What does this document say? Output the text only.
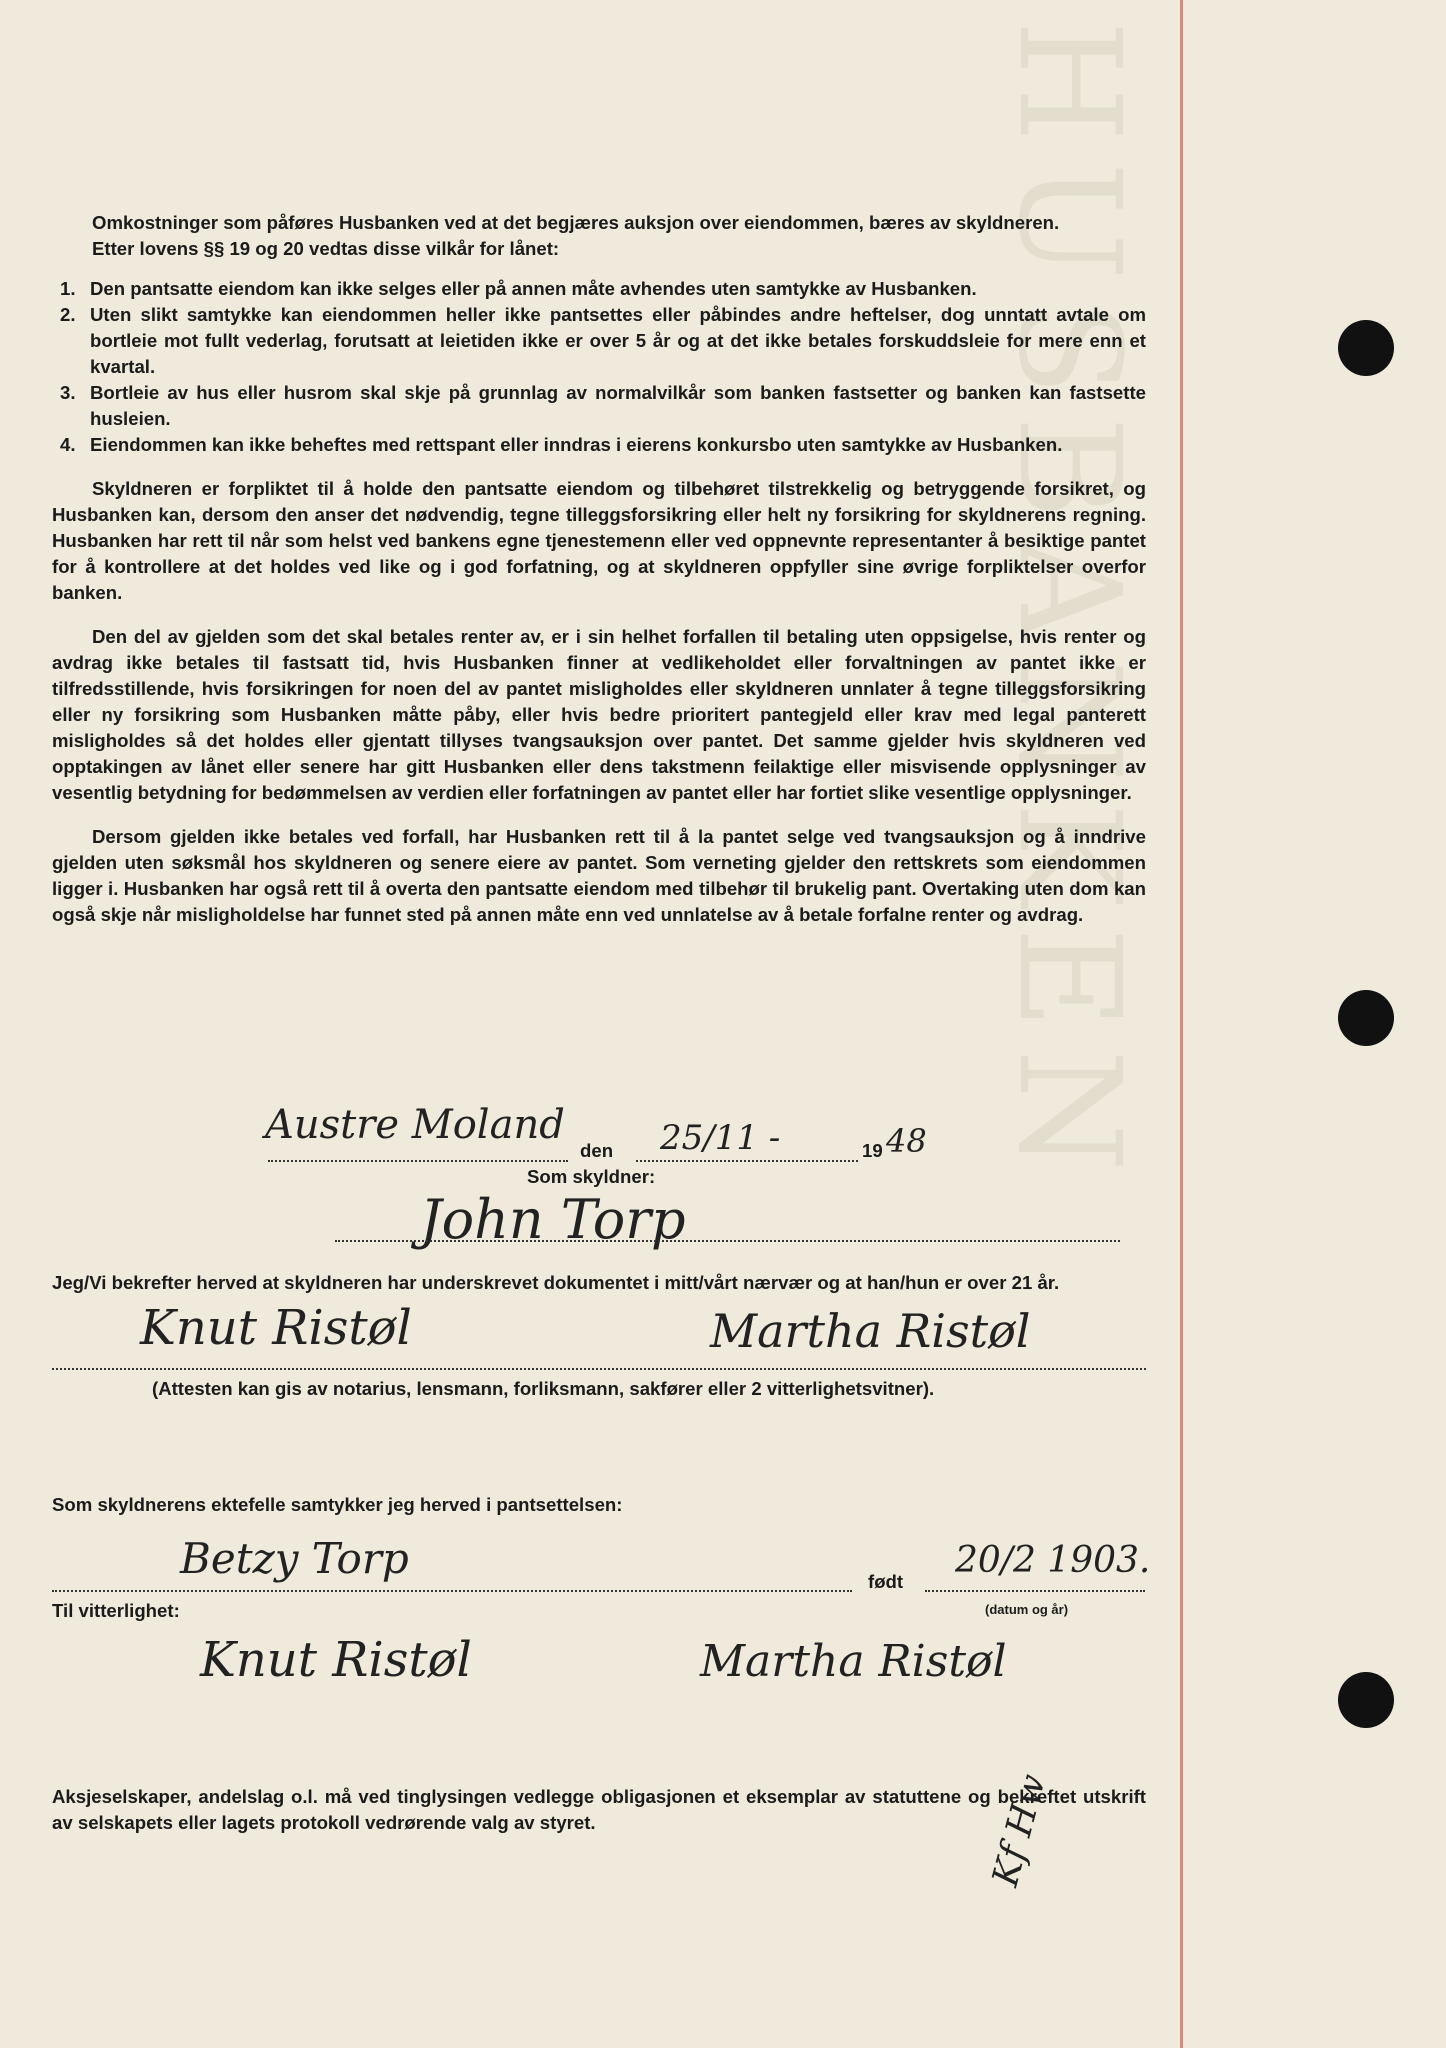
HUSBANKEN

Omkostninger som påføres Husbanken ved at det begjæres auksjon over eiendommen, bæres av skyldneren.

Etter lovens §§ 19 og 20 vedtas disse vilkår for lånet:

1. Den pantsatte eiendom kan ikke selges eller på annen måte avhendes uten samtykke av Husbanken.
2. Uten slikt samtykke kan eiendommen heller ikke pantsettes eller påbindes andre heftelser, dog unntatt avtale om bortleie mot fullt vederlag, forutsatt at leietiden ikke er over 5 år og at det ikke betales forskuddsleie for mere enn et kvartal.
3. Bortleie av hus eller husrom skal skje på grunnlag av normalvilkår som banken fastsetter og banken kan fastsette husleien.
4. Eiendommen kan ikke beheftes med rettspant eller inndras i eierens konkursbo uten samtykke av Husbanken.

Skyldneren er forpliktet til å holde den pantsatte eiendom og tilbehøret tilstrekkelig og betryggende forsikret, og Husbanken kan, dersom den anser det nødvendig, tegne tilleggsforsikring eller helt ny forsikring for skyldnerens regning. Husbanken har rett til når som helst ved bankens egne tjenestemenn eller ved oppnevnte representanter å besiktige pantet for å kontrollere at det holdes ved like og i god forfatning, og at skyldneren oppfyller sine øvrige forpliktelser overfor banken.

Den del av gjelden som det skal betales renter av, er i sin helhet forfallen til betaling uten oppsigelse, hvis renter og avdrag ikke betales til fastsatt tid, hvis Husbanken finner at vedlikeholdet eller forvaltningen av pantet ikke er tilfredsstillende, hvis forsikringen for noen del av pantet misligholdes eller skyldneren unnlater å tegne tilleggsforsikring eller ny forsikring som Husbanken måtte påby, eller hvis bedre prioritert pantegjeld eller krav med legal panterett misligholdes så det holdes eller gjentatt tillyses tvangsauksjon over pantet. Det samme gjelder hvis skyldneren ved opptakingen av lånet eller senere har gitt Husbanken eller dens takstmenn feilaktige eller misvisende opplysninger av vesentlig betydning for bedømmelsen av verdien eller forfatningen av pantet eller har fortiet slike vesentlige opplysninger.

Dersom gjelden ikke betales ved forfall, har Husbanken rett til å la pantet selge ved tvangsauksjon og å inndrive gjelden uten søksmål hos skyldneren og senere eiere av pantet. Som verneting gjelder den rettskrets som eiendommen ligger i. Husbanken har også rett til å overta den pantsatte eiendom med tilbehør til brukelig pant. Overtaking uten dom kan også skje når misligholdelse har funnet sted på annen måte enn ved unnlatelse av å betale forfalne renter og avdrag.

Austre Moland
den 25/11 -	19 48
Som skyldner:
John Torp

Jeg/Vi bekrefter herved at skyldneren har underskrevet dokumentet i mitt/vårt nærvær og at han/hun er over 21 år.

Knut Ristøl	Martha Ristøl
(Attesten kan gis av notarius, lensmann, forliksmann, sakfører eller 2 vitterlighetsvitner).
Som skyldnerens ektefelle samtykker jeg herved i pantsettelsen:
Betzy Torp	født
20/2 1903.
(datum og år)
Til vitterlighet:
Knut Ristøl	Martha Ristøl

Aksjeselskaper, andelslag o.l. må ved tinglysingen vedlegge obligasjonen et eksemplar av statuttene og bekreftet utskrift av selskapets eller lagets protokoll vedrørende valg av styret.	Kf Hw
